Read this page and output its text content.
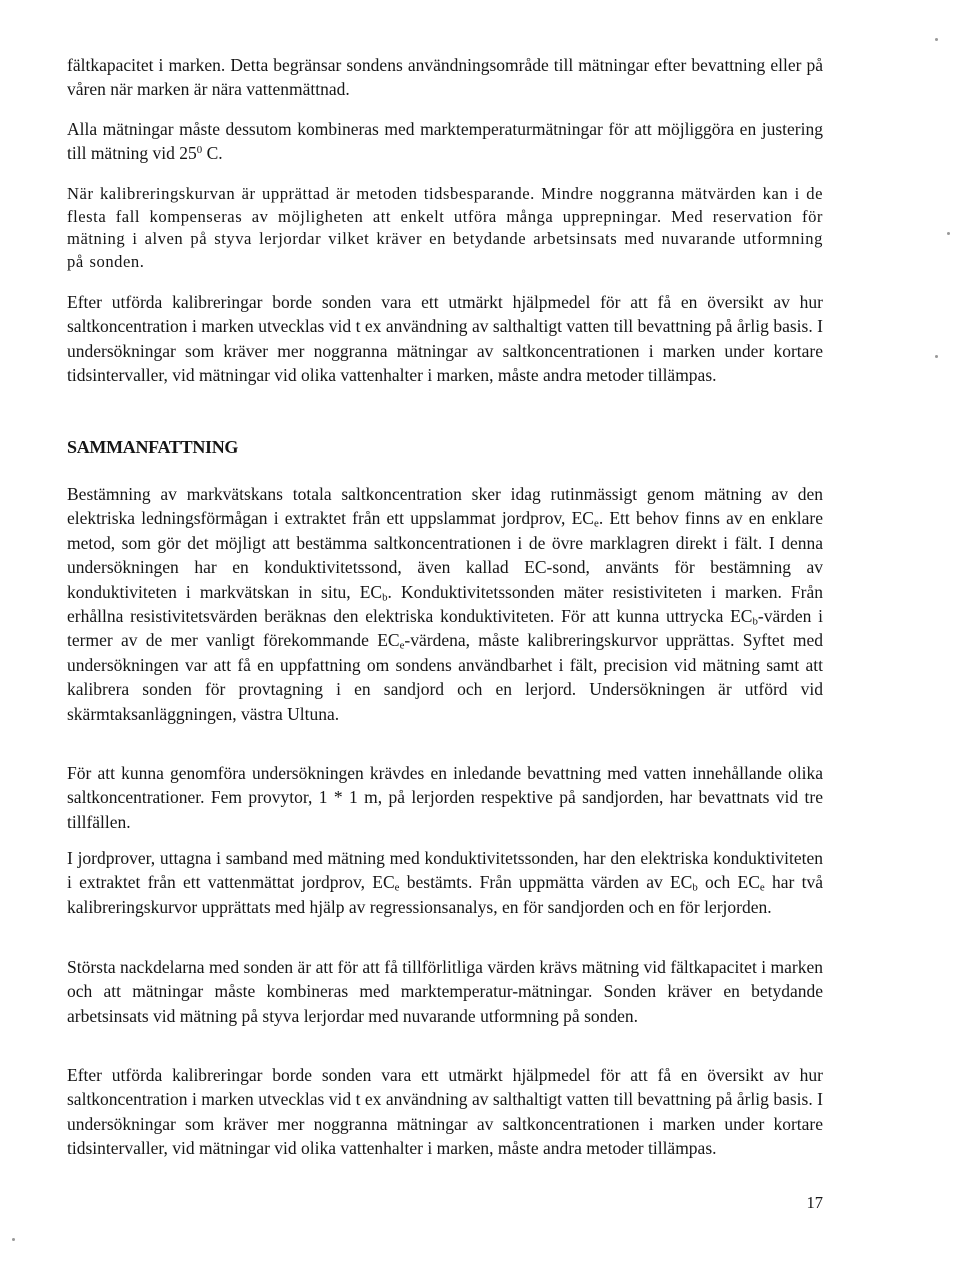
fältkapacitet i marken. Detta begränsar sondens användningsområde till mätningar efter bevattning eller på våren när marken är nära vattenmättnad.

Alla mätningar måste dessutom kombineras med marktemperaturmätningar för att möjliggöra en justering till mätning vid $25^0$ C.

När kalibreringskurvan är upprättad är metoden tidsbesparande. Mindre noggranna mätvärden kan i de flesta fall kompenseras av möjligheten att enkelt utföra många upprepningar. Med reservation för mätning i alven på styva lerjordar vilket kräver en betydande arbetsinsats med nuvarande utformning på sonden.

Efter utförda kalibreringar borde sonden vara ett utmärkt hjälpmedel för att få en översikt av hur saltkoncentration i marken utvecklas vid t ex användning av salthaltigt vatten till bevattning på årlig basis. I undersökningar som kräver mer noggranna mätningar av saltkoncentrationen i marken under kortare tidsintervaller, vid mätningar vid olika vattenhalter i marken, måste andra metoder tillämpas.

SAMMANFATTNING

Bestämning av markvätskans totala saltkoncentration sker idag rutinmässigt genom mätning av den elektriska ledningsförmågan i extraktet från ett uppslammat jordprov, $EC_e$. Ett behov finns av en enklare metod, som gör det möjligt att bestämma saltkoncentrationen i de övre marklagren direkt i fält. I denna undersökningen har en konduktivitetssond, även kallad EC-sond, använts för bestämning av konduktiviteten i markvätskan in situ, $EC_b$. Konduktivitetssonden mäter resistiviteten i marken. Från erhållna resistivitetsvärden beräknas den elektriska konduktiviteten. För att kunna uttrycka $EC_b$-värden i termer av de mer vanligt förekommande $EC_e$-värdena, måste kalibreringskurvor upprättas. Syftet med undersökningen var att få en uppfattning om sondens användbarhet i fält, precision vid mätning samt att kalibrera sonden för provtagning i en sandjord och en lerjord. Undersökningen är utförd vid skärmtaksanläggningen, västra Ultuna.

För att kunna genomföra undersökningen krävdes en inledande bevattning med vatten innehållande olika saltkoncentrationer. Fem provytor, 1 * 1 m, på lerjorden respektive på sandjorden, har bevattnats vid tre tillfällen.

I jordprover, uttagna i samband med mätning med konduktivitetssonden, har den elektriska konduktiviteten i extraktet från ett vattenmättat jordprov, $EC_e$ bestämts. Från uppmätta värden av $EC_b$ och $EC_e$ har två kalibreringskurvor upprättats med hjälp av regressionsanalys, en för sandjorden och en för lerjorden.

Största nackdelarna med sonden är att för att få tillförlitliga värden krävs mätning vid fältkapacitet i marken och att mätningar måste kombineras med marktemperatur-mätningar. Sonden kräver en betydande arbetsinsats vid mätning på styva lerjordar med nuvarande utformning på sonden.

Efter utförda kalibreringar borde sonden vara ett utmärkt hjälpmedel för att få en översikt av hur saltkoncentration i marken utvecklas vid t ex användning av salthaltigt vatten till bevattning på årlig basis. I undersökningar som kräver mer noggranna mätningar av saltkoncentrationen i marken under kortare tidsintervaller, vid mätningar vid olika vattenhalter i marken, måste andra metoder tillämpas.

17
